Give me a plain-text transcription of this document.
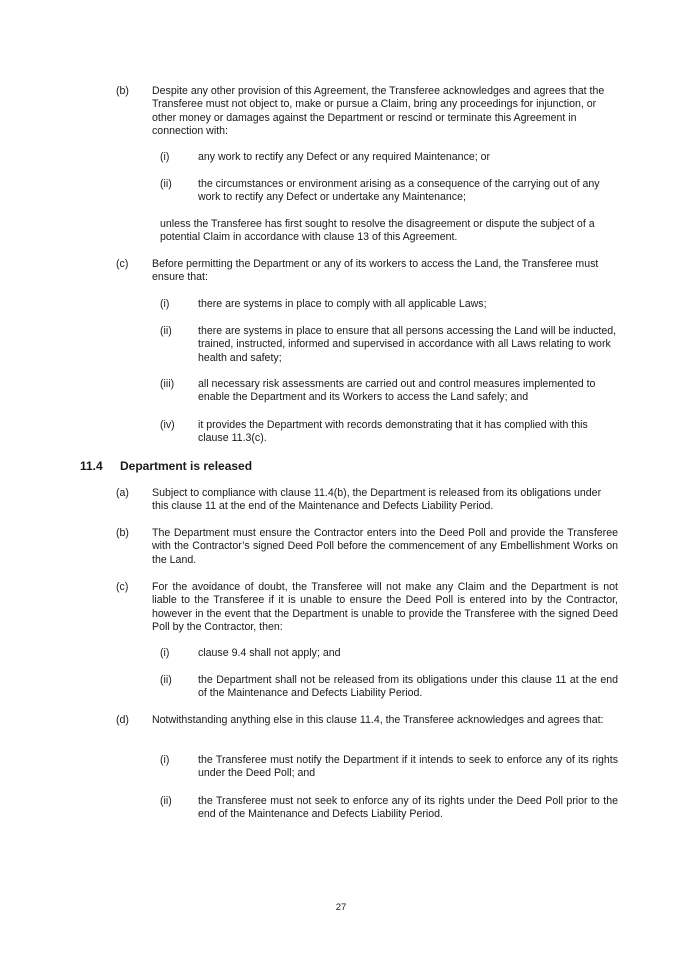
(b) Despite any other provision of this Agreement, the Transferee acknowledges and agrees that the Transferee must not object to, make or pursue a Claim, bring any proceedings for injunction, or other money or damages against the Department or rescind or terminate this Agreement in connection with:
(i)	any work to rectify any Defect or any required Maintenance; or
(ii) the circumstances or environment arising as a consequence of the carrying out of any work to rectify any Defect or undertake any Maintenance;
unless the Transferee has first sought to resolve the disagreement or dispute the subject of a potential Claim in accordance with clause 13 of this Agreement.
(c) Before permitting the Department or any of its workers to access the Land, the Transferee must ensure that:
(i)	there are systems in place to comply with all applicable Laws;
(ii) there are systems in place to ensure that all persons accessing the Land will be inducted, trained, instructed, informed and supervised in accordance with all Laws relating to work health and safety;
(iii) all necessary risk assessments are carried out and control measures implemented to enable the Department and its Workers to access the Land safely; and
(iv) it provides the Department with records demonstrating that it has complied with this clause 11.3(c).
11.4 Department is released
(a) Subject to compliance with clause 11.4(b), the Department is released from its obligations under this clause 11 at the end of the Maintenance and Defects Liability Period.
(b) The Department must ensure the Contractor enters into the Deed Poll and provide the Transferee with the Contractor’s signed Deed Poll before the commencement of any Embellishment Works on the Land.
(c) For the avoidance of doubt, the Transferee will not make any Claim and the Department is not liable to the Transferee if it is unable to ensure the Deed Poll is entered into by the Contractor, however in the event that the Department is unable to provide the Transferee with the signed Deed Poll by the Contractor, then:
(i)	clause 9.4 shall not apply; and
(ii) the Department shall not be released from its obligations under this clause 11 at the end of the Maintenance and Defects Liability Period.
(d) Notwithstanding anything else in this clause 11.4, the Transferee acknowledges and agrees that:
(i)	the Transferee must notify the Department if it intends to seek to enforce any of its rights under the Deed Poll; and
(ii) the Transferee must not seek to enforce any of its rights under the Deed Poll prior to the end of the Maintenance and Defects Liability Period.
27
